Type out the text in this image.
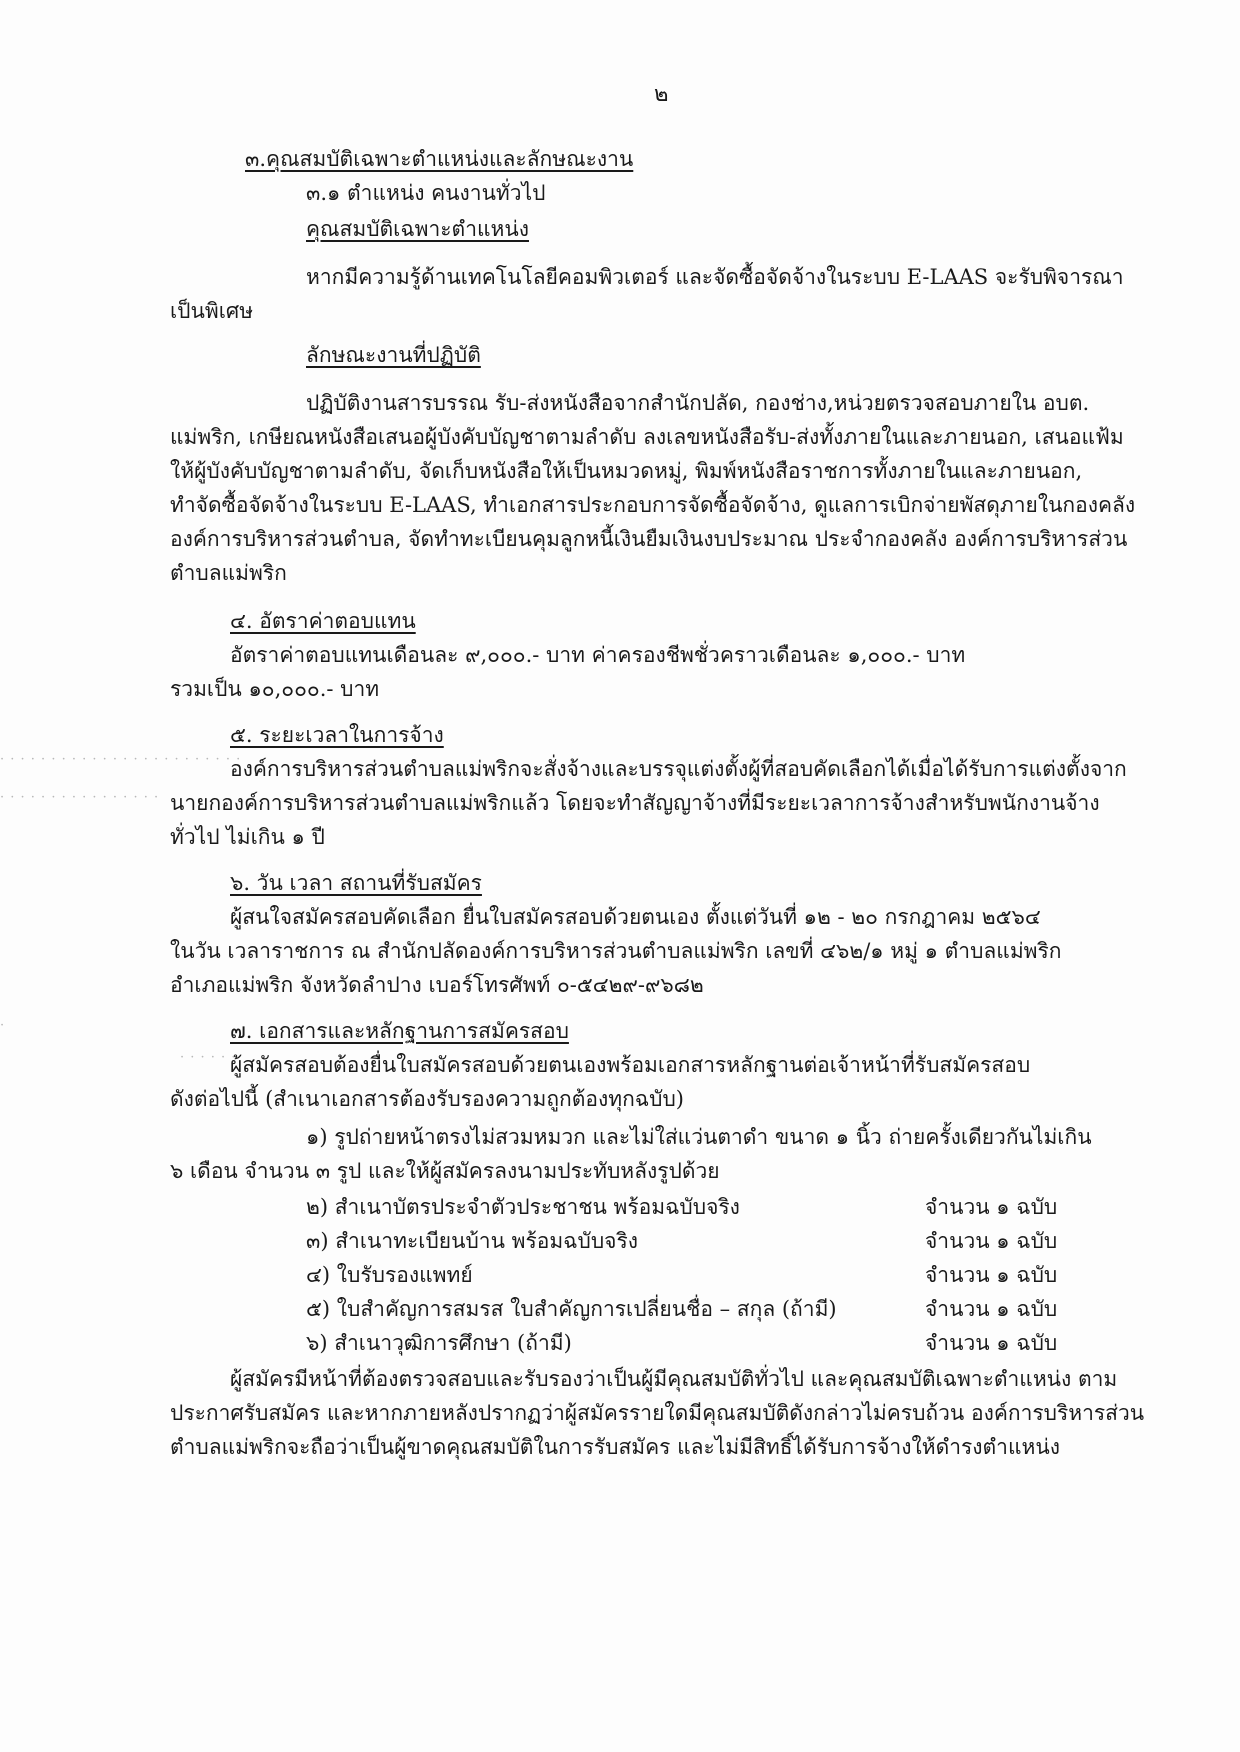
๒
๓.คุณสมบัติเฉพาะตำแหน่งและลักษณะงาน
๓.๑ ตำแหน่ง คนงานทั่วไป
คุณสมบัติเฉพาะตำแหน่ง
หากมีความรู้ด้านเทคโนโลยีคอมพิวเตอร์ และจัดซื้อจัดจ้างในระบบ E-LAAS จะรับพิจารณา
เป็นพิเศษ
ลักษณะงานที่ปฏิบัติ
ปฏิบัติงานสารบรรณ รับ-ส่งหนังสือจากสำนักปลัด, กองช่าง,หน่วยตรวจสอบภายใน อบต.
แม่พริก, เกษียณหนังสือเสนอผู้บังคับบัญชาตามลำดับ ลงเลขหนังสือรับ-ส่งทั้งภายในและภายนอก, เสนอแฟ้ม
ให้ผู้บังคับบัญชาตามลำดับ, จัดเก็บหนังสือให้เป็นหมวดหมู่, พิมพ์หนังสือราชการทั้งภายในและภายนอก,
ทำจัดซื้อจัดจ้างในระบบ E-LAAS, ทำเอกสารประกอบการจัดซื้อจัดจ้าง, ดูแลการเบิกจ่ายพัสดุภายในกองคลัง
องค์การบริหารส่วนตำบล, จัดทำทะเบียนคุมลูกหนี้เงินยืมเงินงบประมาณ ประจำกองคลัง องค์การบริหารส่วน
ตำบลแม่พริก
๔. อัตราค่าตอบแทน
อัตราค่าตอบแทนเดือนละ ๙,๐๐๐.- บาท ค่าครองชีพชั่วคราวเดือนละ ๑,๐๐๐.- บาท
รวมเป็น ๑๐,๐๐๐.- บาท
๕. ระยะเวลาในการจ้าง
องค์การบริหารส่วนตำบลแม่พริกจะสั่งจ้างและบรรจุแต่งตั้งผู้ที่สอบคัดเลือกได้เมื่อได้รับการแต่งตั้งจาก
นายกองค์การบริหารส่วนตำบลแม่พริกแล้ว โดยจะทำสัญญาจ้างที่มีระยะเวลาการจ้างสำหรับพนักงานจ้าง
ทั่วไป ไม่เกิน ๑ ปี
· · · · · · · · · · · · · · · · · · · · · · · ·
· · · · · · · · · · · · · · · ·
·
· · · · · ·
๖. วัน เวลา สถานที่รับสมัคร
ผู้สนใจสมัครสอบคัดเลือก ยื่นใบสมัครสอบด้วยตนเอง ตั้งแต่วันที่ ๑๒ - ๒๐ กรกฎาคม ๒๕๖๔
ในวัน เวลาราชการ ณ สำนักปลัดองค์การบริหารส่วนตำบลแม่พริก เลขที่ ๔๖๒/๑ หมู่ ๑ ตำบลแม่พริก
อำเภอแม่พริก จังหวัดลำปาง เบอร์โทรศัพท์ ๐-๕๔๒๙-๙๖๘๒
๗. เอกสารและหลักฐานการสมัครสอบ
ผู้สมัครสอบต้องยื่นใบสมัครสอบด้วยตนเองพร้อมเอกสารหลักฐานต่อเจ้าหน้าที่รับสมัครสอบ
ดังต่อไปนี้ (สำเนาเอกสารต้องรับรองความถูกต้องทุกฉบับ)
๑) รูปถ่ายหน้าตรงไม่สวมหมวก และไม่ใส่แว่นตาดำ ขนาด ๑ นิ้ว ถ่ายครั้งเดียวกันไม่เกิน
๖ เดือน จำนวน ๓ รูป และให้ผู้สมัครลงนามประทับหลังรูปด้วย
๒) สำเนาบัตรประจำตัวประชาชน พร้อมฉบับจริง	จำนวน ๑ ฉบับ
๓) สำเนาทะเบียนบ้าน พร้อมฉบับจริง	จำนวน ๑ ฉบับ
๔) ใบรับรองแพทย์	จำนวน ๑ ฉบับ
๕) ใบสำคัญการสมรส ใบสำคัญการเปลี่ยนชื่อ – สกุล (ถ้ามี)	จำนวน ๑ ฉบับ
๖) สำเนาวุฒิการศึกษา (ถ้ามี)	จำนวน ๑ ฉบับ
ผู้สมัครมีหน้าที่ต้องตรวจสอบและรับรองว่าเป็นผู้มีคุณสมบัติทั่วไป และคุณสมบัติเฉพาะตำแหน่ง ตาม
ประกาศรับสมัคร และหากภายหลังปรากฏว่าผู้สมัครรายใดมีคุณสมบัติดังกล่าวไม่ครบถ้วน องค์การบริหารส่วน
ตำบลแม่พริกจะถือว่าเป็นผู้ขาดคุณสมบัติในการรับสมัคร และไม่มีสิทธิ์ได้รับการจ้างให้ดำรงตำแหน่ง
